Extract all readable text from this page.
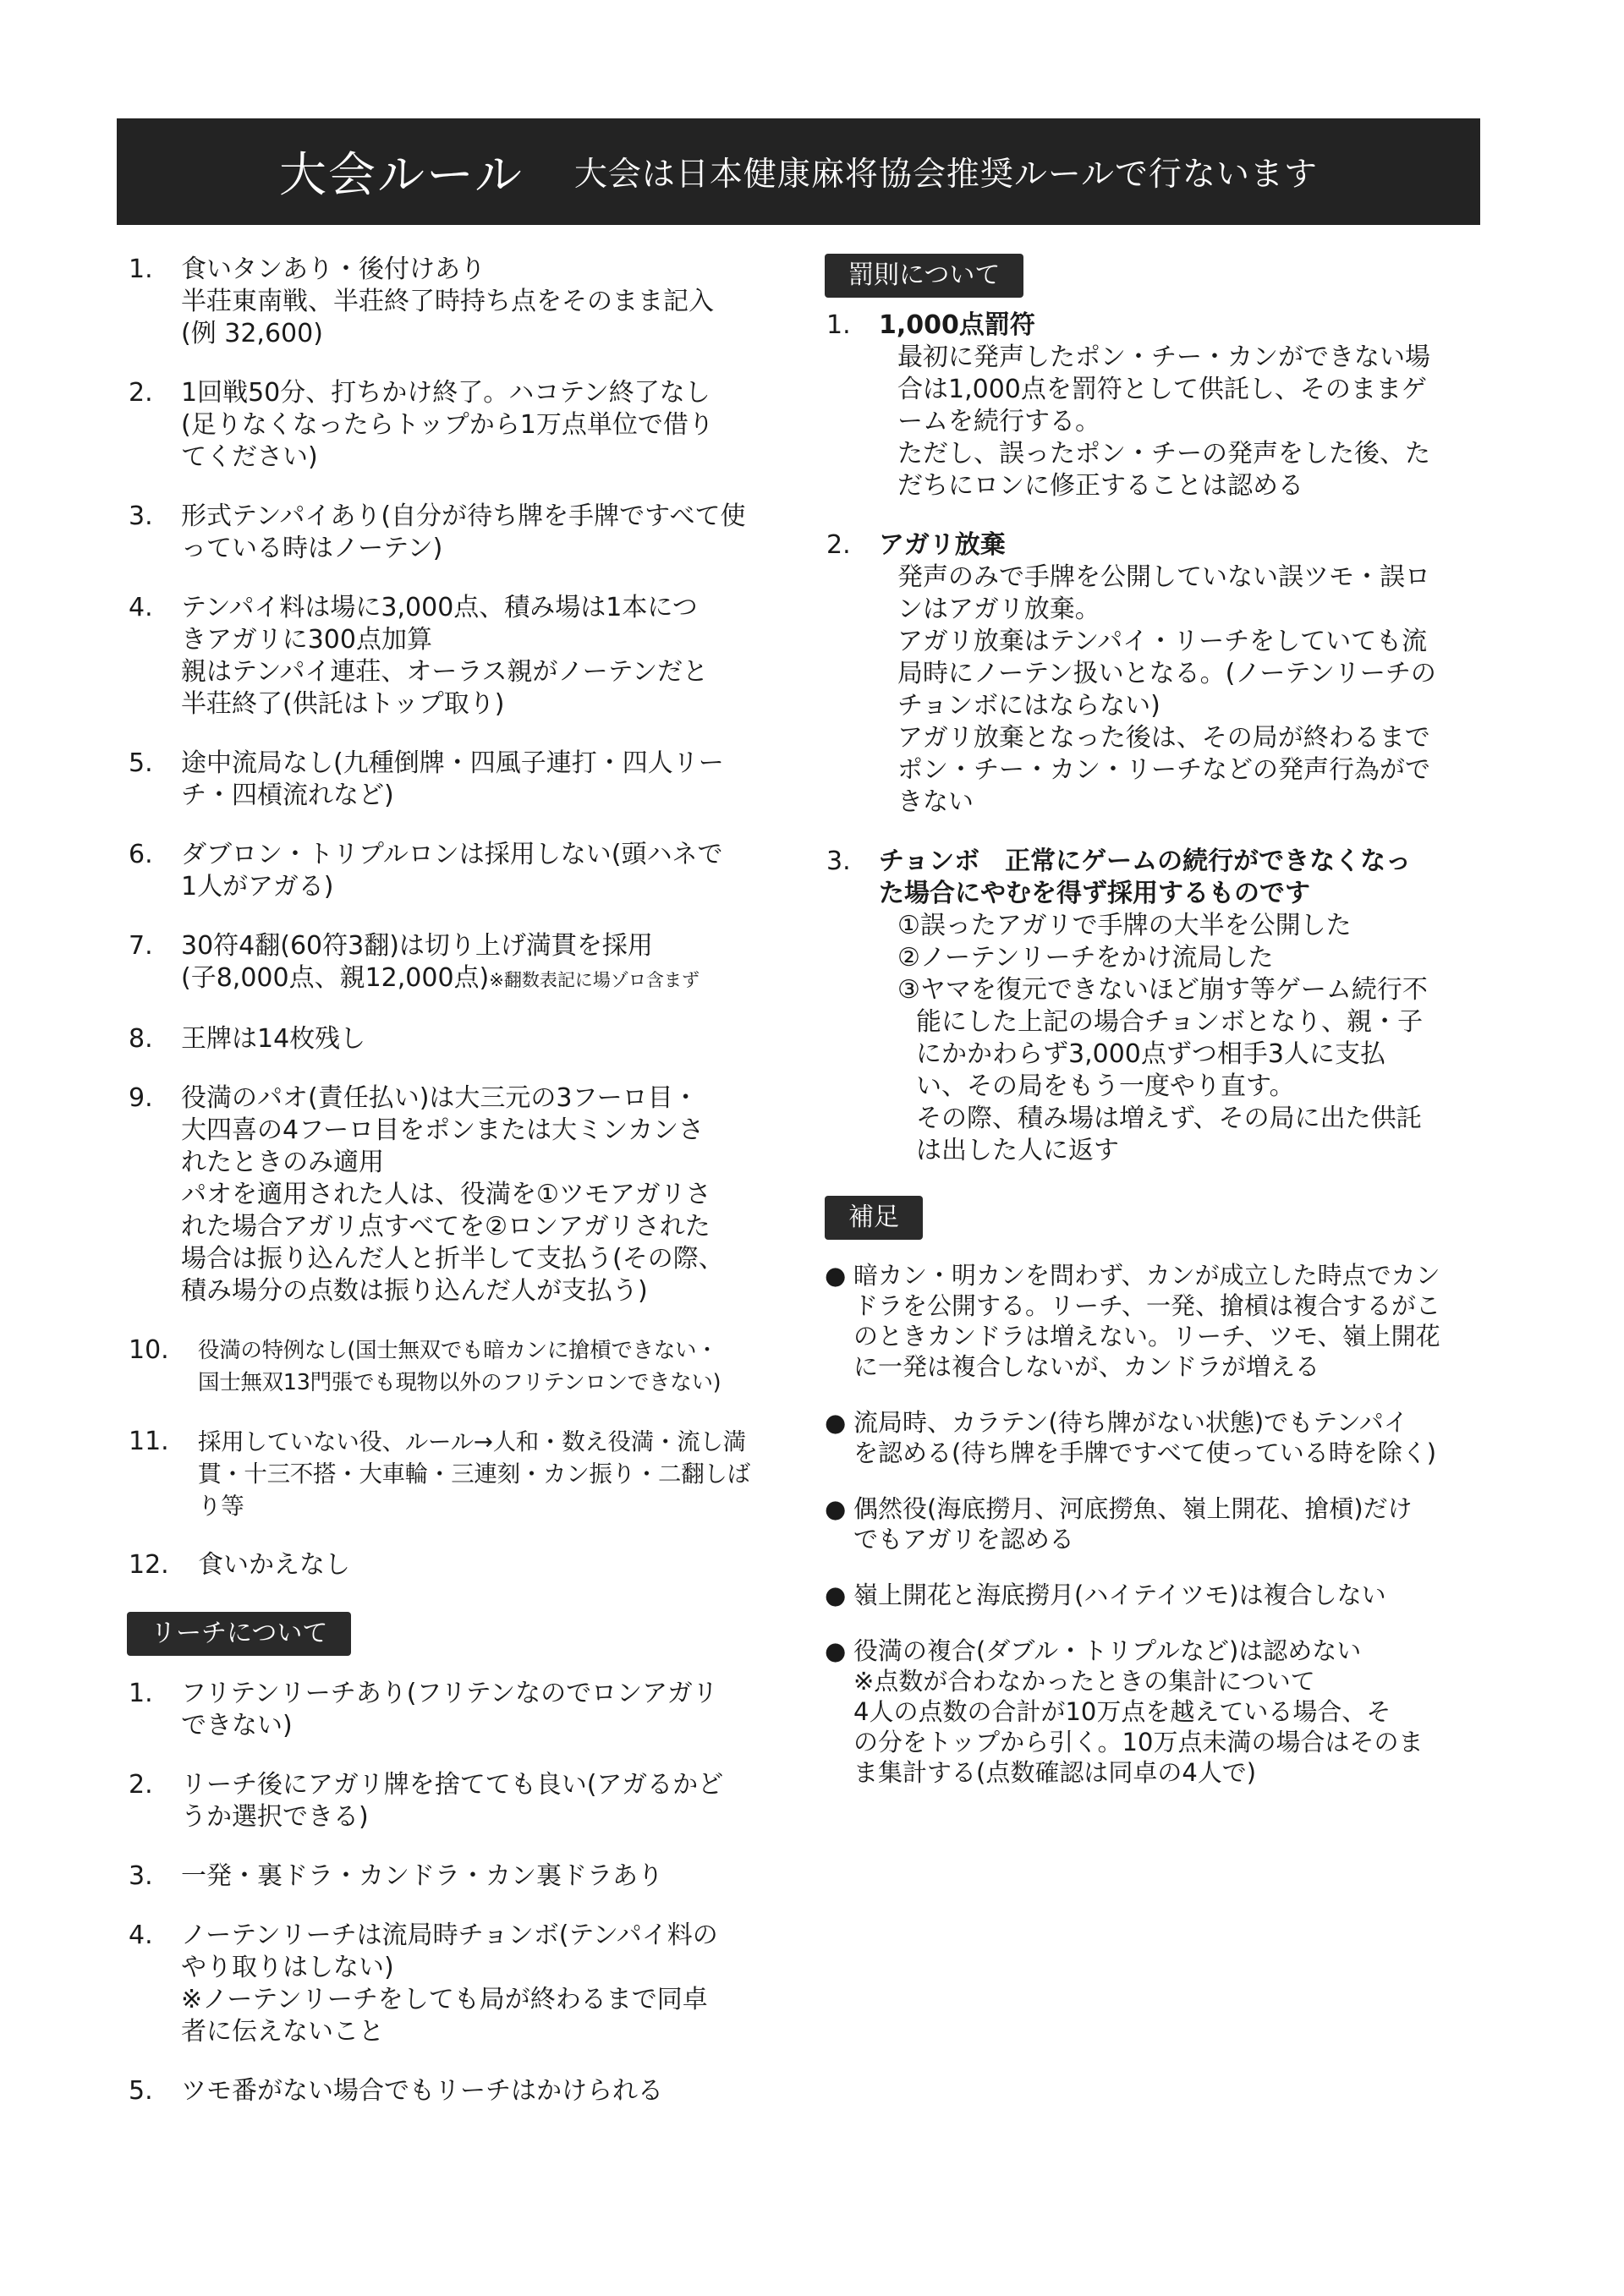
大会ルール 大会は日本健康麻将協会推奨ルールで行ないます
1.	食いタンあり・後付けあり
半荘東南戦、半荘終了時持ち点をそのまま記入
(例 32,600)
2.	1回戦50分、打ちかけ終了。ハコテン終了なし
(足りなくなったらトップから1万点単位で借り
てください)
3.	形式テンパイあり(自分が待ち牌を手牌ですべて使
っている時はノーテン)
4.	テンパイ料は場に3,000点、積み場は1本につ
きアガリに300点加算
親はテンパイ連荘、オーラス親がノーテンだと
半荘終了(供託はトップ取り)
5.	途中流局なし(九種倒牌・四風子連打・四人リー
チ・四槓流れなど)
6.	ダブロン・トリプルロンは採用しない(頭ハネで
1人がアガる)
7.	30符4翻(60符3翻)は切り上げ満貫を採用
(子8,000点、親12,000点)※翻数表記に場ゾロ含まず
8.	王牌は14枚残し
9.	役満のパオ(責任払い)は大三元の3フーロ目・
大四喜の4フーロ目をポンまたは大ミンカンさ
れたときのみ適用
パオを適用された人は、役満を①ツモアガリさ
れた場合アガリ点すべてを②ロンアガリされた
場合は振り込んだ人と折半して支払う(その際、
積み場分の点数は振り込んだ人が支払う)
10.	役満の特例なし(国士無双でも暗カンに搶槓できない・
国士無双13門張でも現物以外のフリテンロンできない)
11.	採用していない役、ルール→人和・数え役満・流し満
貫・十三不搭・大車輪・三連刻・カン振り・二翻しば
り等
12.	食いかえなし
リーチについて
1.	フリテンリーチあり(フリテンなのでロンアガリ
できない)
2.	リーチ後にアガリ牌を捨てても良い(アガるかど
うか選択できる)
3.	一発・裏ドラ・カンドラ・カン裏ドラあり
4.	ノーテンリーチは流局時チョンボ(テンパイ料の
やり取りはしない)
※ノーテンリーチをしても局が終わるまで同卓
者に伝えないこと
5.	ツモ番がない場合でもリーチはかけられる
罰則について
1.	1,000点罰符
最初に発声したポン・チー・カンができない場
合は1,000点を罰符として供託し、そのままゲ
ームを続行する。
ただし、誤ったポン・チーの発声をした後、た
だちにロンに修正することは認める
2.	アガリ放棄
発声のみで手牌を公開していない誤ツモ・誤ロ
ンはアガリ放棄。
アガリ放棄はテンパイ・リーチをしていても流
局時にノーテン扱いとなる。(ノーテンリーチの
チョンボにはならない)
アガリ放棄となった後は、その局が終わるまで
ポン・チー・カン・リーチなどの発声行為がで
きない
3.	チョンボ　正常にゲームの続行ができなくなっ
た場合にやむを得ず採用するものです
①誤ったアガリで手牌の大半を公開した
②ノーテンリーチをかけ流局した
③ヤマを復元できないほど崩す等ゲーム続行不
能にした上記の場合チョンボとなり、親・子
にかかわらず3,000点ずつ相手3人に支払
い、その局をもう一度やり直す。
その際、積み場は増えず、その局に出た供託
は出した人に返す
補足
● 暗カン・明カンを問わず、カンが成立した時点でカン
ドラを公開する。リーチ、一発、搶槓は複合するがこ
のときカンドラは増えない。リーチ、ツモ、嶺上開花
に一発は複合しないが、カンドラが増える
● 流局時、カラテン(待ち牌がない状態)でもテンパイ
を認める(待ち牌を手牌ですべて使っている時を除く)
● 偶然役(海底撈月、河底撈魚、嶺上開花、搶槓)だけ
でもアガリを認める
● 嶺上開花と海底撈月(ハイテイツモ)は複合しない
● 役満の複合(ダブル・トリプルなど)は認めない
※点数が合わなかったときの集計について
4人の点数の合計が10万点を越えている場合、そ
の分をトップから引く。10万点未満の場合はそのま
ま集計する(点数確認は同卓の4人で)
